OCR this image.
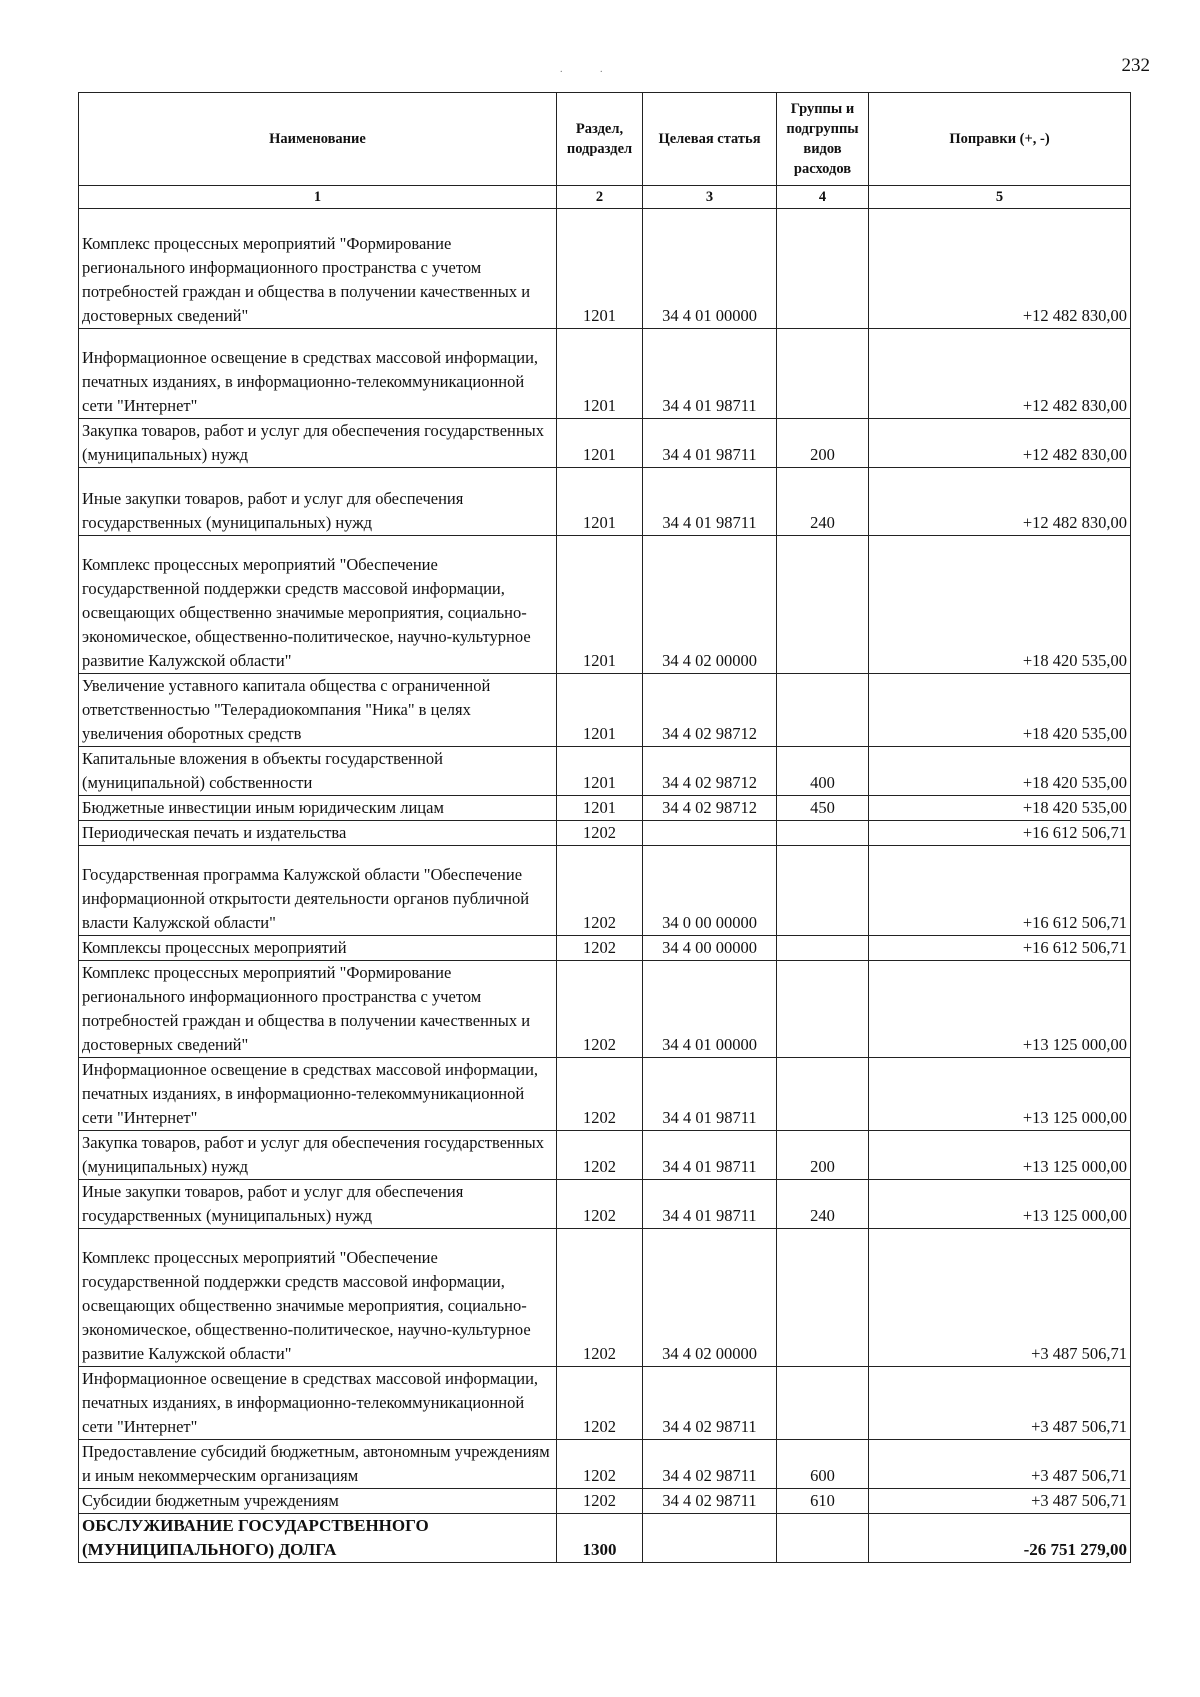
232
.	.
Наименование	Раздел, подраздел	Целевая статья	Группы и подгруппы видов расходов	Поправки (+, -)
1	2	3	4	5
Комплекс процессных мероприятий "Формирование регионального информационного пространства с учетом потребностей граждан и общества в получении качественных и достоверных сведений"	1201	34 4 01 00000		+12 482 830,00
Информационное освещение в средствах массовой информации, печатных изданиях, в информационно-телекоммуникационной сети "Интернет"	1201	34 4 01 98711		+12 482 830,00
Закупка товаров, работ и услуг для обеспечения государственных (муниципальных) нужд	1201	34 4 01 98711	200	+12 482 830,00
Иные закупки товаров, работ и услуг для обеспечения государственных (муниципальных) нужд	1201	34 4 01 98711	240	+12 482 830,00
Комплекс процессных мероприятий "Обеспечение государственной поддержки средств массовой информации, освещающих общественно значимые мероприятия, социально-экономическое, общественно-политическое, научно-культурное развитие Калужской области"	1201	34 4 02 00000		+18 420 535,00
Увеличение уставного капитала общества с ограниченной ответственностью "Телерадиокомпания "Ника" в целях увеличения оборотных средств	1201	34 4 02 98712		+18 420 535,00
Капитальные вложения в объекты государственной (муниципальной) собственности	1201	34 4 02 98712	400	+18 420 535,00
Бюджетные инвестиции иным юридическим лицам	1201	34 4 02 98712	450	+18 420 535,00
Периодическая печать и издательства	1202			+16 612 506,71
Государственная программа Калужской области "Обеспечение информационной открытости деятельности органов публичной власти Калужской области"	1202	34 0 00 00000		+16 612 506,71
Комплексы процессных мероприятий	1202	34 4 00 00000		+16 612 506,71
Комплекс процессных мероприятий "Формирование регионального информационного пространства с учетом потребностей граждан и общества в получении качественных и достоверных сведений"	1202	34 4 01 00000		+13 125 000,00
Информационное освещение в средствах массовой информации, печатных изданиях, в информационно-телекоммуникационной сети "Интернет"	1202	34 4 01 98711		+13 125 000,00
Закупка товаров, работ и услуг для обеспечения государственных (муниципальных) нужд	1202	34 4 01 98711	200	+13 125 000,00
Иные закупки товаров, работ и услуг для обеспечения государственных (муниципальных) нужд	1202	34 4 01 98711	240	+13 125 000,00
Комплекс процессных мероприятий "Обеспечение государственной поддержки средств массовой информации, освещающих общественно значимые мероприятия, социально-экономическое, общественно-политическое, научно-культурное развитие Калужской области"	1202	34 4 02 00000		+3 487 506,71
Информационное освещение в средствах массовой информации, печатных изданиях, в информационно-телекоммуникационной сети "Интернет"	1202	34 4 02 98711		+3 487 506,71
Предоставление субсидий бюджетным, автономным учреждениям и иным некоммерческим организациям	1202	34 4 02 98711	600	+3 487 506,71
Субсидии бюджетным учреждениям	1202	34 4 02 98711	610	+3 487 506,71
ОБСЛУЖИВАНИЕ ГОСУДАРСТВЕННОГО (МУНИЦИПАЛЬНОГО) ДОЛГА	1300			-26 751 279,00
